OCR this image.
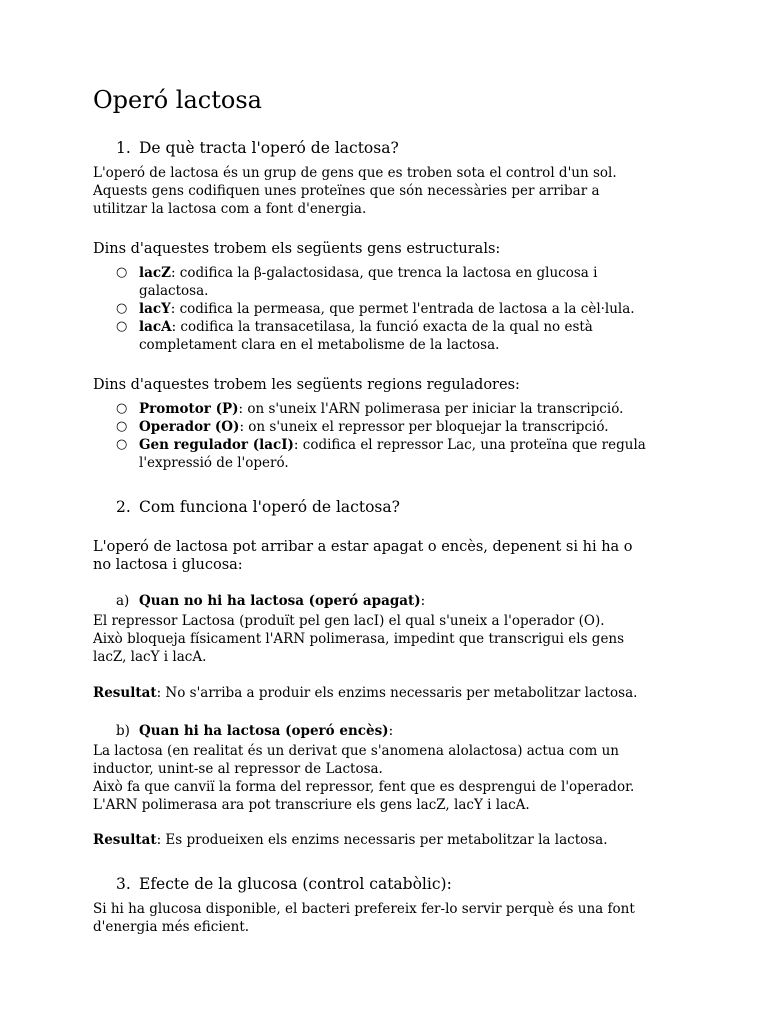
Operó lactosa
1. De què tracta l'operó de lactosa?
L'operó de lactosa és un grup de gens que es troben sota el control d'un sol.
Aquests gens codifiquen unes proteïnes que són necessàries per arribar a
utilitzar la lactosa com a font d'energia.
Dins d'aquestes trobem els següents gens estructurals:
○ lacZ: codifica la β-galactosidasa, que trenca la lactosa en glucosa i
galactosa.
○ lacY: codifica la permeasa, que permet l'entrada de lactosa a la cèl·lula.
○ lacA: codifica la transacetilasa, la funció exacta de la qual no està
completament clara en el metabolisme de la lactosa.
Dins d'aquestes trobem les següents regions reguladores:
○ Promotor (P): on s'uneix l'ARN polimerasa per iniciar la transcripció.
○ Operador (O): on s'uneix el repressor per bloquejar la transcripció.
○ Gen regulador (lacI): codifica el repressor Lac, una proteïna que regula
l'expressió de l'operó.
2. Com funciona l'operó de lactosa?
L'operó de lactosa pot arribar a estar apagat o encès, depenent si hi ha o
no lactosa i glucosa:
a) Quan no hi ha lactosa (operó apagat):
El repressor Lactosa (produït pel gen lacI) el qual s'uneix a l'operador (O).
Això bloqueja físicament l'ARN polimerasa, impedint que transcrigui els gens
lacZ, lacY i lacA.
Resultat: No s'arriba a produir els enzims necessaris per metabolitzar lactosa.
b) Quan hi ha lactosa (operó encès):
La lactosa (en realitat és un derivat que s'anomena alolactosa) actua com un
inductor, unint-se al repressor de Lactosa.
Això fa que canviï la forma del repressor, fent que es desprengui de l'operador.
L'ARN polimerasa ara pot transcriure els gens lacZ, lacY i lacA.
Resultat: Es produeixen els enzims necessaris per metabolitzar la lactosa.
3. Efecte de la glucosa (control catabòlic):
Si hi ha glucosa disponible, el bacteri prefereix fer-lo servir perquè és una font
d'energia més eficient.
